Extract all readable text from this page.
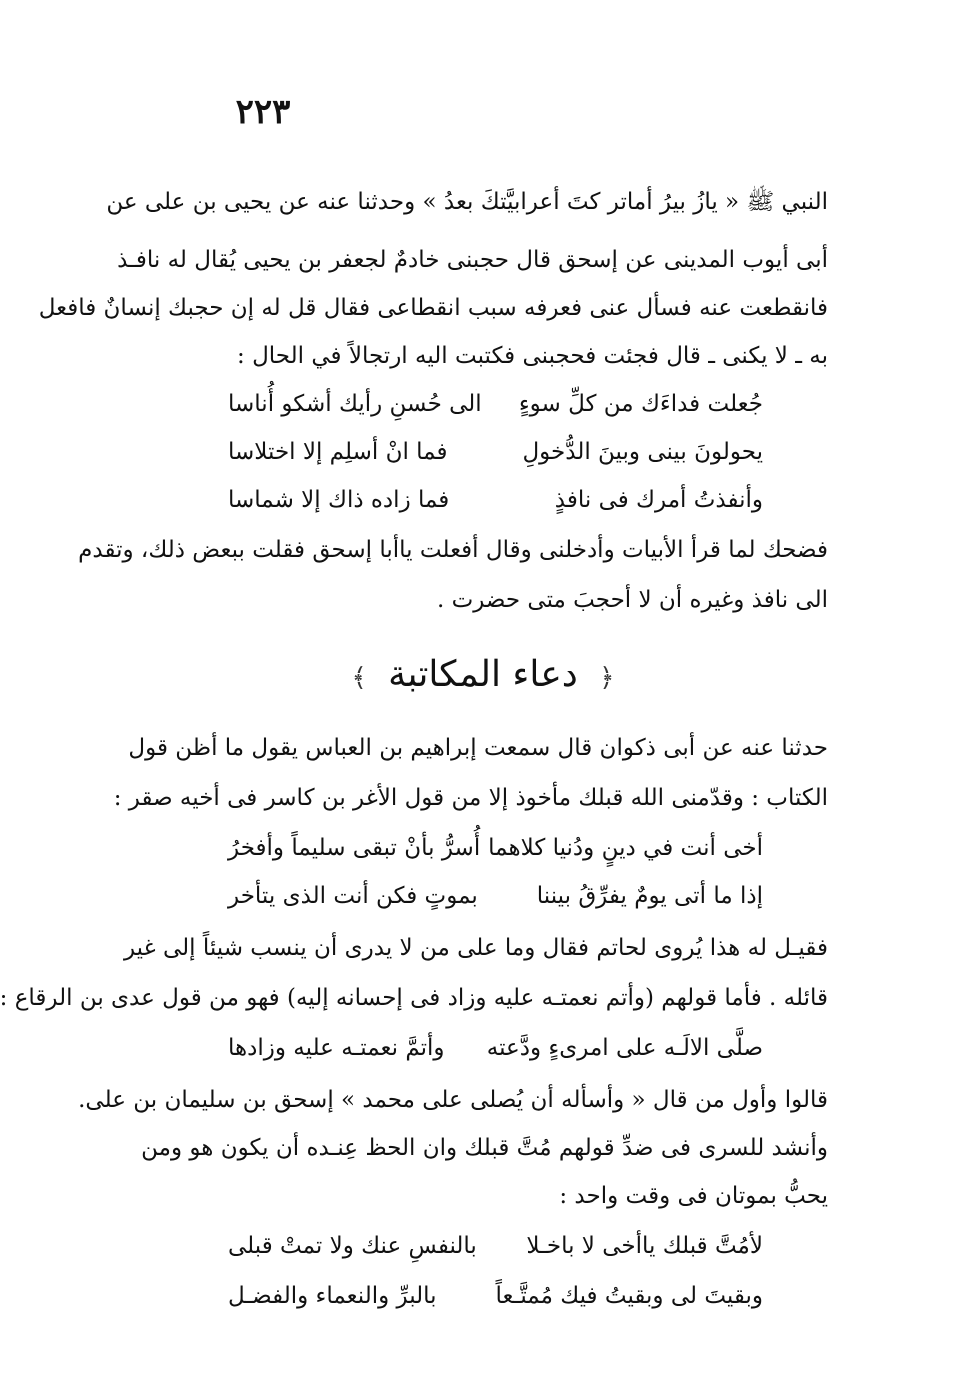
٢٢٣
النبي ﷺ « يازُ بيرُ أماتر كتَ أعرابيَّتكَ بعدُ » وحدثنا عنه عن يحيى بن على عن
أبى أيوب المدينى عن إسحق قال حجبنى خادمٌ لجعفر بن يحيى يُقال له نافـذ
فانقطعت عنه فسأل عنى فعرفه سبب انقطاعى فقال قل له إن حجبك إنسانٌ فافعل
به ـ لا يكنى ـ قال فجئت فحجبنى فكتبت اليه ارتجالاً في الحال :
جُعلت فداءَك من كلِّ سوءٍ
الى حُسنِ رأيك أشكو أُناسا
يحولونَ بينى وبينَ الدُّخولِ
فما انْ أسلِم إلا اختلاسا
وأنفذتُ أمرك فى نافذٍ
فما زاده ذاك إلا شماسا
فضحك لما قرأ الأبيات وأدخلنى وقال أفعلت ياأبا إسحق فقلت ببعض ذلك، وتقدم
الى نافذ وغيره أن لا أحجبَ متى حضرت .
﴿ دعاء المكاتبة ﴾
حدثنا عنه عن أبى ذكوان قال سمعت إبراهيم بن العباس يقول ما أظن قول
الكتاب : وقدّمنى الله قبلك مأخوذ إلا من قول الأغر بن كاسر فى أخيه صقر :
أخى أنت في دينٍ ودُنيا كلاهما
أُسرُّ بأنْ تبقى سليماً وأفخرُ
إذا ما أتى يومٌ يفرِّقُ بيننا
بموتٍ فكن أنت الذى يتأخر
فقيـل له هذا يُروى لحاتم فقال وما على من لا يدرى أن ينسب شيئاً إلى غير
قائله . فأما قولهم (وأتم نعمتـه عليه وزاد فى إحسانه إليه) فهو من قول عدى بن الرقاع :
صلَّى الالَـه على امرىءٍ ودَّعته
وأتمَّ نعمتـه عليه وزادها
قالوا وأول من قال « وأسأله أن يُصلى على محمد » إسحق بن سليمان بن على.
وأنشد للسرى فى ضدِّ قولهم مُتَّ قبلك وان الحظ عِنـده أن يكون هو ومن
يحبُّ بموتان فى وقت واحد :
لأمُتَّ قبلك ياأخى لا باخـلا
بالنفسِ عنك ولا تمتْ قبلى
وبقيتَ لى وبقيتُ فيك مُمتَّـعاً
بالبرِّ والنعماء والفضـل
